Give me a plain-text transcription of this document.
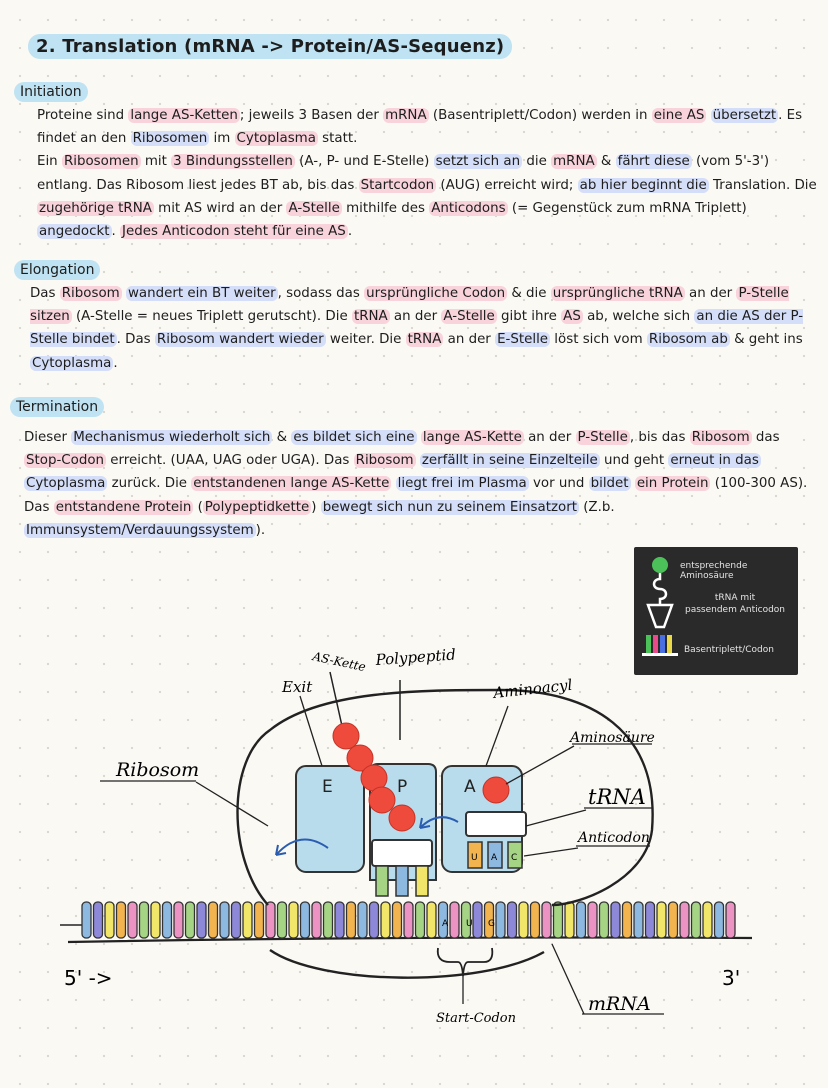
2. Translation (mRNA -> Protein/AS-Sequenz)
Initiation

Proteine sind lange AS-Ketten ; jeweils 3 Basen der mRNA (Basentriplett/Codon) werden in eine AS übersetzt . Es findet an den Ribosomen im Cytoplasma statt.

Ein Ribosomen mit 3 Bindungsstellen (A-, P- und E-Stelle) setzt sich an die mRNA & fährt diese (vom 5'-3') entlang. Das Ribosom liest jedes BT ab, bis das Startcodon (AUG) erreicht wird; ab hier beginnt die Translation. Die zugehörige tRNA mit AS wird an der A-Stelle mithilfe des Anticodons (= Gegenstück zum mRNA Triplett) angedockt . Jedes Anticodon steht für eine AS .

Elongation

Das Ribosom wandert ein BT weiter , sodass das ursprüngliche Codon & die ursprüngliche tRNA an der P-Stelle sitzen (A-Stelle = neues Triplett gerutscht). Die tRNA an der A-Stelle gibt ihre AS ab, welche sich an die AS der P-Stelle bindet . Das Ribosom wandert wieder weiter. Die tRNA an der E-Stelle löst sich vom Ribosom ab & geht ins Cytoplasma .

Termination

Dieser Mechanismus wiederholt sich & es bildet sich eine lange AS-Kette an der P-Stelle , bis das Ribosom das Stop-Codon erreicht. (UAA, UAG oder UGA). Das Ribosom zerfällt in seine Einzelteile und geht erneut in das Cytoplasma zurück. Die entstandenen lange AS-Kette liegt frei im Plasma vor und bildet ein Protein (100-300 AS). Das entstandene Protein ( Polypeptidkette ) bewegt sich nun zu seinem Einsatzort (Z.b. Immunsystem/Verdauungssystem ).

entsprechende Aminosäure
tRNA mit
passendem Anticodon
Basentriplett/Codon
E	P	A
U A C
AS-Kette Polypeptid
Exit	Aminoacyl
Aminosäure
tRNA
Anticodon
Ribosom
5' ->	3'
Start-Codon
mRNA
A U G
